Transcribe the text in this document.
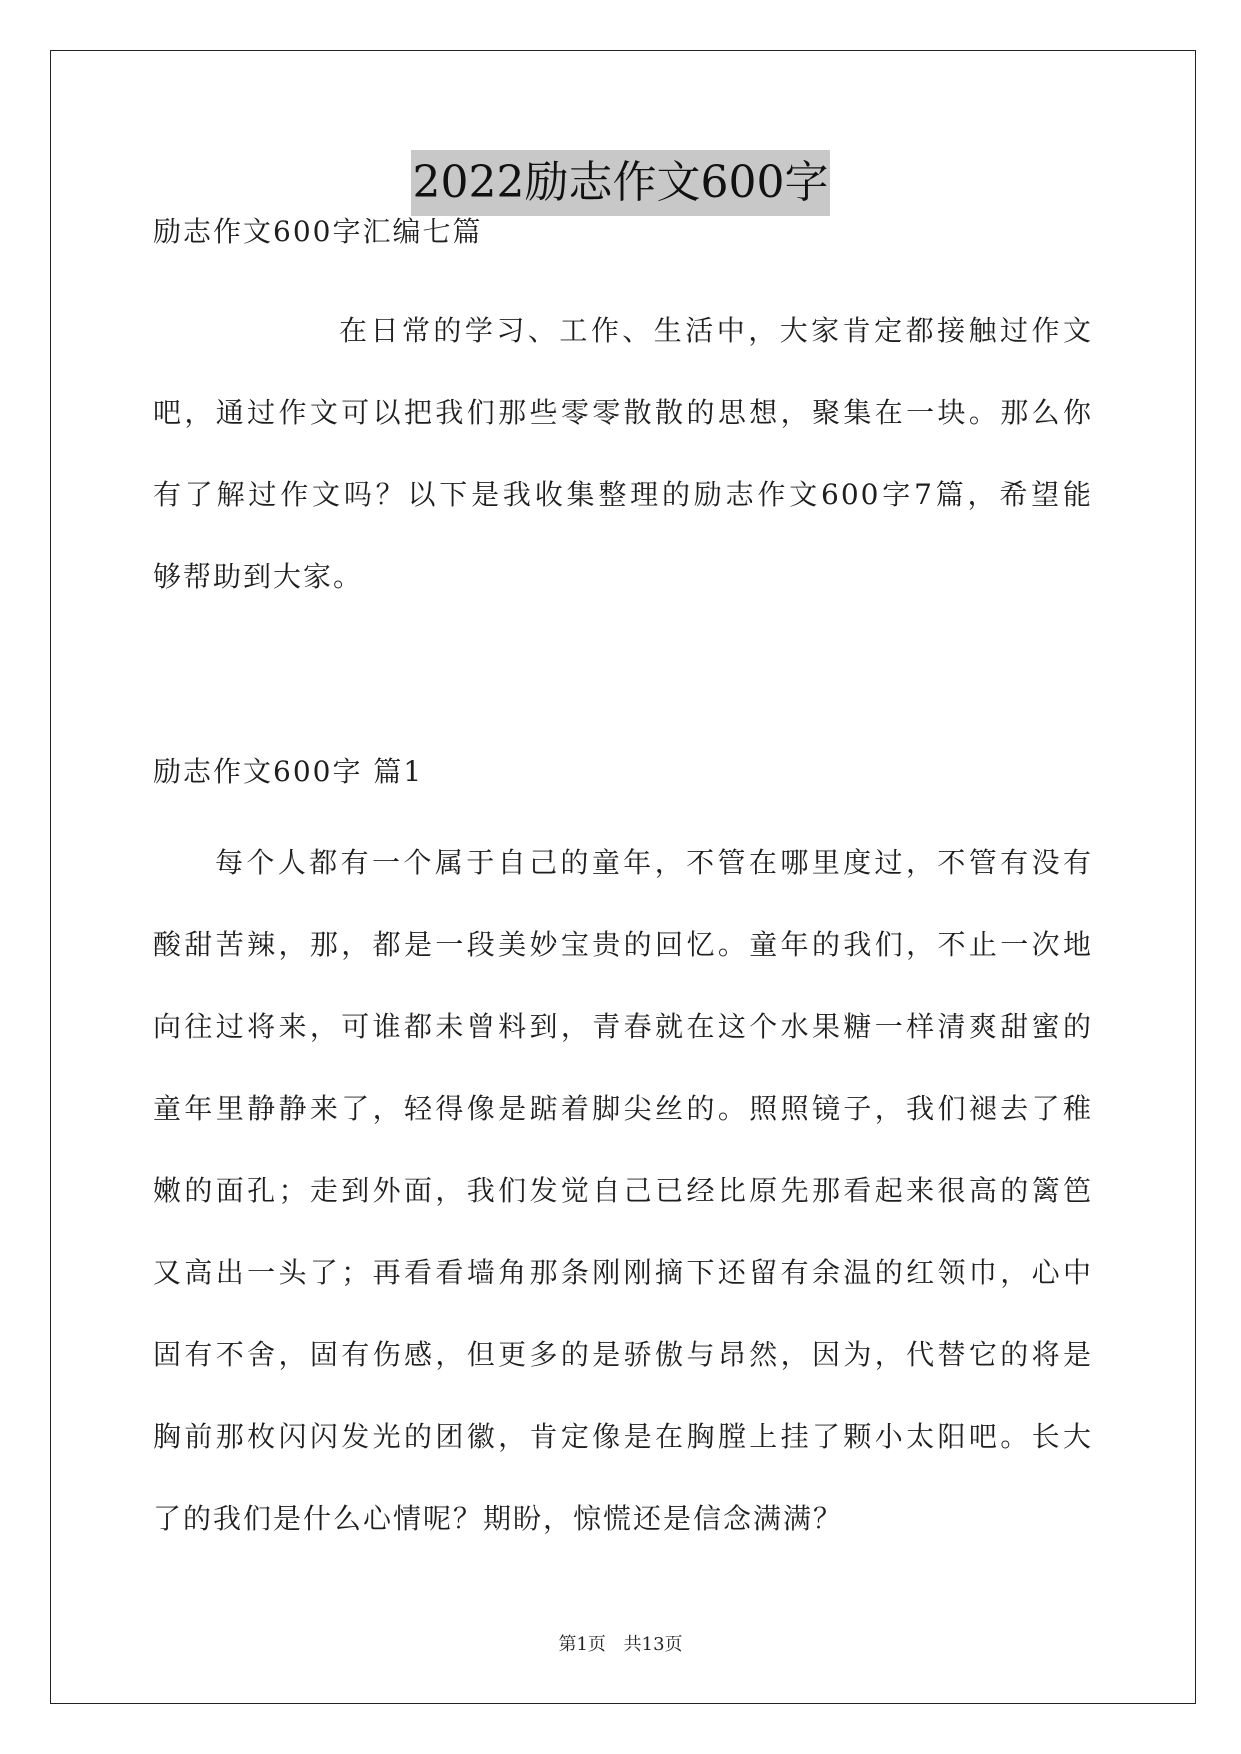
2022励志作文600字
励志作文600字汇编七篇
在日常的学习、工作、生活中，大家肯定都接触过作文
吧，通过作文可以把我们那些零零散散的思想，聚集在一块。那么你
有了解过作文吗？以下是我收集整理的励志作文600字7篇，希望能
够帮助到大家。
励志作文600字 篇1
每个人都有一个属于自己的童年，不管在哪里度过，不管有没有
酸甜苦辣，那，都是一段美妙宝贵的回忆。童年的我们，不止一次地
向往过将来，可谁都未曾料到，青春就在这个水果糖一样清爽甜蜜的
童年里静静来了，轻得像是踮着脚尖丝的。照照镜子，我们褪去了稚
嫩的面孔；走到外面，我们发觉自己已经比原先那看起来很高的篱笆
又高出一头了；再看看墙角那条刚刚摘下还留有余温的红领巾，心中
固有不舍，固有伤感，但更多的是骄傲与昂然，因为，代替它的将是
胸前那枚闪闪发光的团徽，肯定像是在胸膛上挂了颗小太阳吧。长大
了的我们是什么心情呢？期盼，惊慌还是信念满满？
第1页 共13页
